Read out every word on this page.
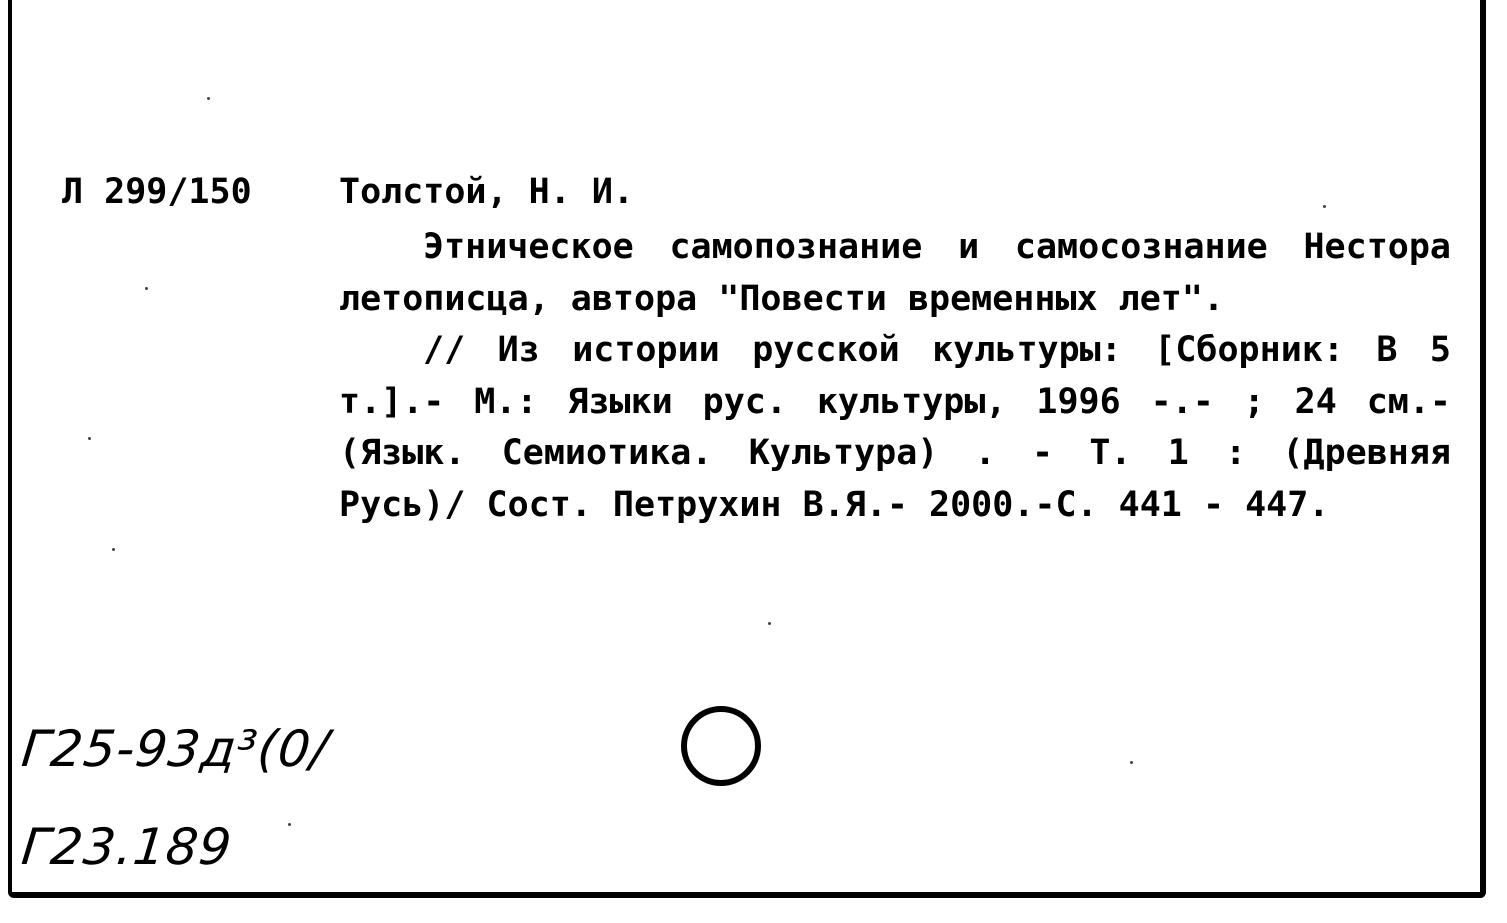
Л 299/150 Толстой, Н. И.

Этническое самопознание и самосознание Нестора летописца, автора "Повести временных лет".

// Из истории русской культуры: [Сборник: В 5 т.].- М.: Языки рус. культуры, 1996 -.- ; 24 см.- (Язык. Семиотика. Культура) . - Т. 1 : (Древняя Русь)/ Сост. Петрухин В.Я.- 2000.-С. 441 - 447.

Г25-93д³(0/
Г23.189
